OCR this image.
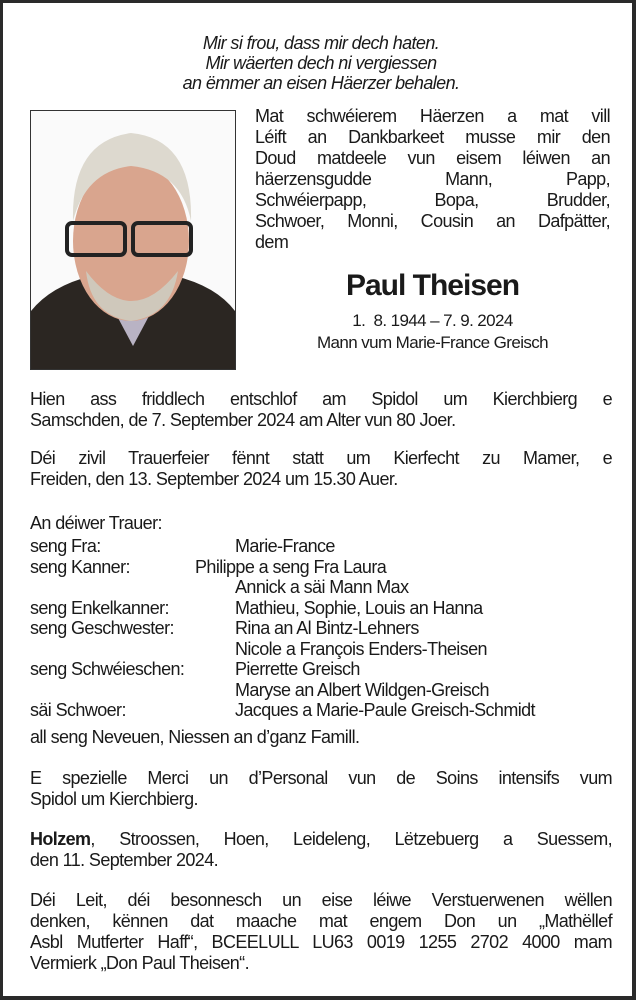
Mir si frou, dass mir dech haten.
Mir wäerten dech ni vergiessen
an ëmmer an eisen Häerzer behalen.
Mat schwéierem Häerzen a mat vill
Léift an Dankbarkeet musse mir den
Doud matdeele vun eisem léiwen an
häerzensgudde Mann, Papp,
Schwéierpapp, Bopa, Brudder,
Schwoer, Monni, Cousin an Dafpätter,
dem
Paul Theisen
1.  8. 1944 – 7. 9. 2024
Mann vum Marie-France Greisch
Hien ass friddlech entschlof am Spidol um Kierchbierg e
Samschden, de 7. September 2024 am Alter vun 80 Joer.
Déi zivil Trauerfeier fënnt statt um Kierfecht zu Mamer, e
Freiden, den 13. September 2024 um 15.30 Auer.
An déiwer Trauer:
seng Fra:	Marie-France
seng Kanner:	Philippe a seng Fra Laura
Annick a säi Mann Max
seng Enkelkanner:	Mathieu, Sophie, Louis an Hanna
seng Geschwester:	Rina an Al Bintz-Lehners
Nicole a François Enders-Theisen
seng Schwéieschen:	Pierrette Greisch
Maryse an Albert Wildgen-Greisch
säi Schwoer:	Jacques a Marie-Paule Greisch-Schmidt
all seng Neveuen, Niessen an d’ganz Famill.
E spezielle Merci un d’Personal vun de Soins intensifs vum
Spidol um Kierchbierg.
Holzem, Stroossen, Hoen, Leideleng, Lëtzebuerg a Suessem,
den 11. September 2024.
Déi Leit, déi besonnesch un eise léiwe Verstuerwenen wëllen
denken, kënnen dat maache mat engem Don un „Mathëllef
Asbl Mutferter Haff“, BCEELULL LU63 0019 1255 2702 4000 mam
Vermierk „Don Paul Theisen“.
